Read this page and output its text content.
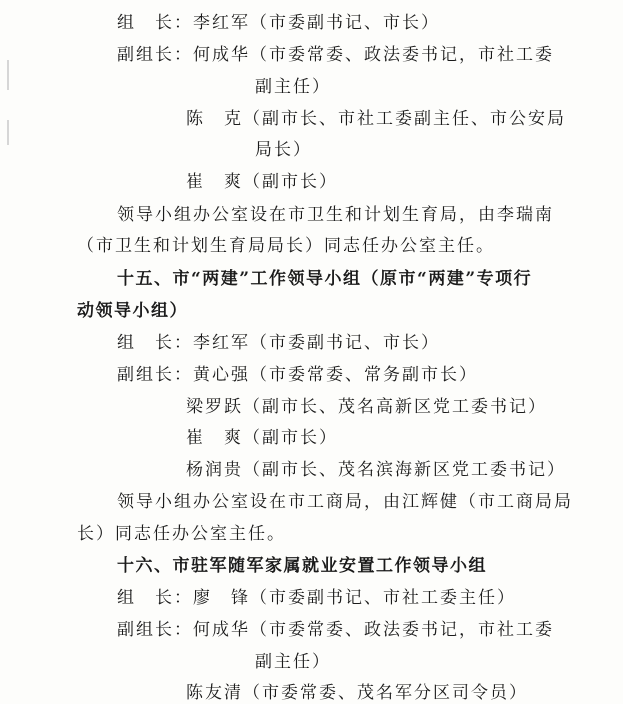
组　长：李红军（市委副书记、市长）
副组长：何成华（市委常委、政法委书记，市社工委
副主任）
陈　克（副市长、市社工委副主任、市公安局
局长）
崔　爽（副市长）
领导小组办公室设在市卫生和计划生育局，由李瑞南
（市卫生和计划生育局局长）同志任办公室主任。
十五、市“两建”工作领导小组（原市“两建”专项行
动领导小组）
组　长：李红军（市委副书记、市长）
副组长：黄心强（市委常委、常务副市长）
梁罗跃（副市长、茂名高新区党工委书记）
崔　爽（副市长）
杨润贵（副市长、茂名滨海新区党工委书记）
领导小组办公室设在市工商局，由江辉健（市工商局局
长）同志任办公室主任。
十六、市驻军随军家属就业安置工作领导小组
组　长：廖　锋（市委副书记、市社工委主任）
副组长：何成华（市委常委、政法委书记，市社工委
副主任）
陈友清（市委常委、茂名军分区司令员）
